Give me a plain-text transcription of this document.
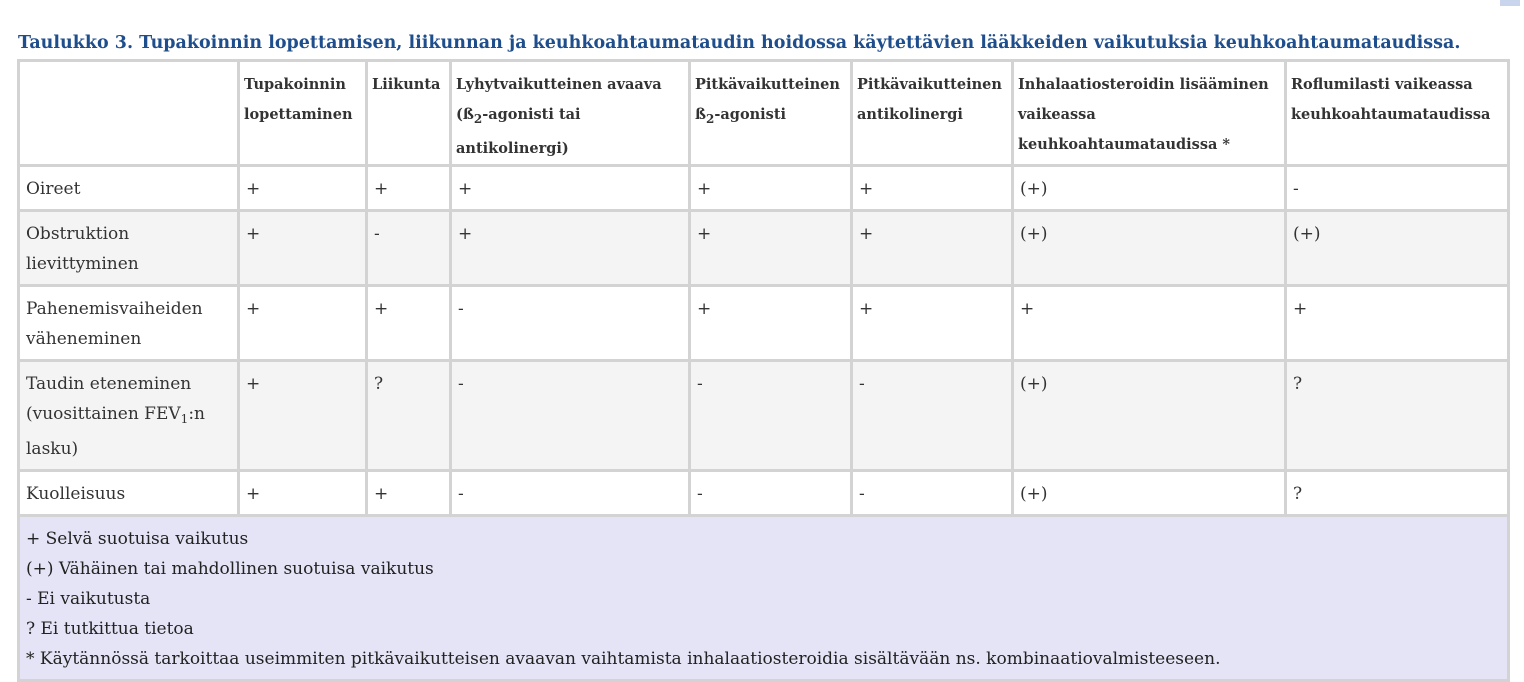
Taulukko 3. Tupakoinnin lopettamisen, liikunnan ja keuhkoahtaumataudin hoidossa käytettävien lääkkeiden vaikutuksia keuhkoahtaumataudissa.
	Tupakoinnin lopettaminen	Liikunta	Lyhytvaikutteinen avaava ($ß_2$-agonisti tai antikolinergi)	Pitkävaikutteinen $ß_2$-agonisti	Pitkävaikutteinen antikolinergi	Inhalaatiosteroidin lisääminen vaikeassa keuhkoahtaumataudissa *	Roflumilasti vaikeassa keuhkoahtaumataudissa
Oireet	+	+	+	+	+	(+)	-
Obstruktion lievittyminen	+	-	+	+	+	(+)	(+)
Pahenemisvaiheiden väheneminen	+	+	-	+	+	+	+
Taudin eteneminen (vuosittainen $FEV_1:n$ lasku)	+	?	-	-	-	(+)	?
Kuolleisuus	+	+	-	-	-	(+)	?

+ Selvä suotuisa vaikutus
(+) Vähäinen tai mahdollinen suotuisa vaikutus
- Ei vaikutusta
? Ei tutkittua tietoa
* Käytännössä tarkoittaa useimmiten pitkävaikutteisen avaavan vaihtamista inhalaatiosteroidia sisältävään ns. kombinaatiovalmisteeseen.							
